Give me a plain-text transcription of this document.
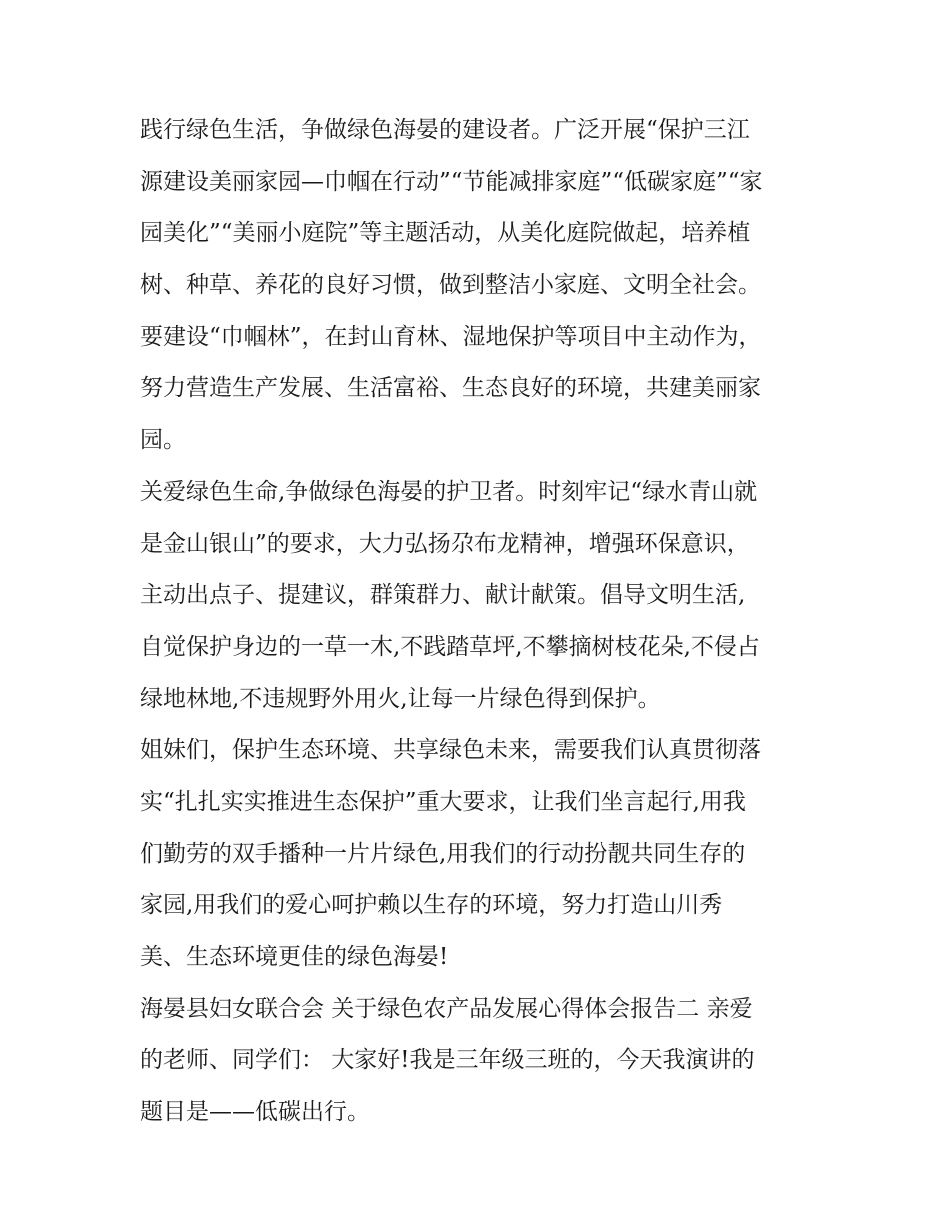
践行绿色生活，争做绿色海晏的建设者。广泛开展“保护三江
源建设美丽家园—巾帼在行动”“节能减排家庭”“低碳家庭”“家
园美化”“美丽小庭院”等主题活动，从美化庭院做起，培养植
树、种草、养花的良好习惯，做到整洁小家庭、文明全社会。
要建设“巾帼林”，在封山育林、湿地保护等项目中主动作为，
努力营造生产发展、生活富裕、生态良好的环境，共建美丽家
园。
关爱绿色生命,争做绿色海晏的护卫者。时刻牢记“绿水青山就
是金山银山”的要求，大力弘扬尕布龙精神，增强环保意识，
主动出点子、提建议，群策群力、献计献策。倡导文明生活,
自觉保护身边的一草一木,不践踏草坪,不攀摘树枝花朵,不侵占
绿地林地,不违规野外用火,让每一片绿色得到保护。
姐妹们，保护生态环境、共享绿色未来，需要我们认真贯彻落
实“扎扎实实推进生态保护”重大要求，让我们坐言起行,用我
们勤劳的双手播种一片片绿色,用我们的行动扮靓共同生存的
家园,用我们的爱心呵护赖以生存的环境，努力打造山川秀
美、生态环境更佳的绿色海晏!
海晏县妇女联合会 关于绿色农产品发展心得体会报告二 亲爱
的老师、同学们： 大家好!我是三年级三班的，今天我演讲的
题目是——低碳出行。
